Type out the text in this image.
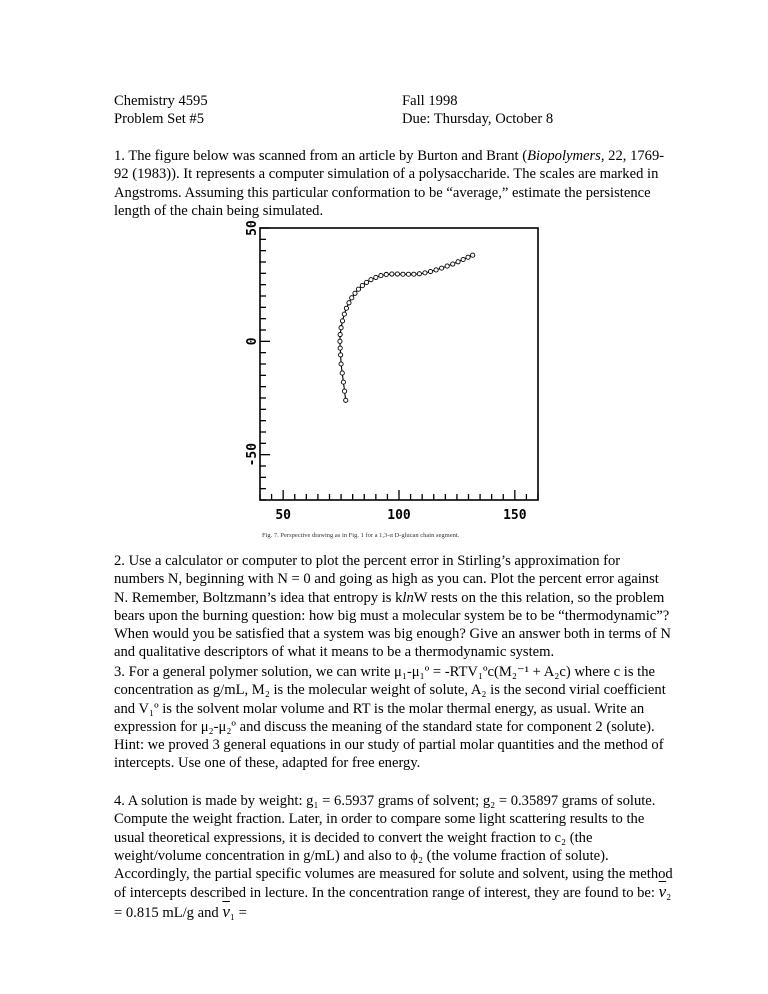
Chemistry 4595
Problem Set #5
Fall 1998
Due: Thursday, October 8

1. The figure below was scanned from an article by Burton and Brant (Biopolymers, 22, 1769-92 (1983)). It represents a computer simulation of a polysaccharide. The scales are marked in Angstroms. Assuming this particular conformation to be “average,” estimate the persistence length of the chain being simulated.

50
0
-50
50	100	150
Fig. 7. Perspective drawing as in Fig. 1 for a 1,3-α D-glucan chain segment.

2. Use a calculator or computer to plot the percent error in Stirling’s approximation for numbers N, beginning with N = 0 and going as high as you can. Plot the percent error against N. Remember, Boltzmann’s idea that entropy is klnW rests on the this relation, so the problem bears upon the burning question: how big must a molecular system be to be “thermodynamic”? When would you be satisfied that a system was big enough? Give an answer both in terms of N and qualitative descriptors of what it means to be a thermodynamic system.

3. For a general polymer solution, we can write μ₁-μ₁º = -RTV₁ºc(M₂⁻¹ + A₂c) where c is the concentration as g/mL, M₂ is the molecular weight of solute, A₂ is the second virial coefficient and V₁º is the solvent molar volume and RT is the molar thermal energy, as usual. Write an expression for μ₂-μ₂º and discuss the meaning of the standard state for component 2 (solute). Hint: we proved 3 general equations in our study of partial molar quantities and the method of intercepts. Use one of these, adapted for free energy.

4. A solution is made by weight: g₁ = 6.5937 grams of solvent; g₂ = 0.35897 grams of solute. Compute the weight fraction. Later, in order to compare some light scattering results to the usual theoretical expressions, it is decided to convert the weight fraction to c₂ (the weight/volume concentration in g/mL) and also to ϕ₂ (the volume fraction of solute). Accordingly, the partial specific volumes are measured for solute and solvent, using the method of intercepts described in lecture. In the concentration range of interest, they are found to be: $\overline{v}_2 = 0.815$ mL/g and $\overline{v}_1$ =
